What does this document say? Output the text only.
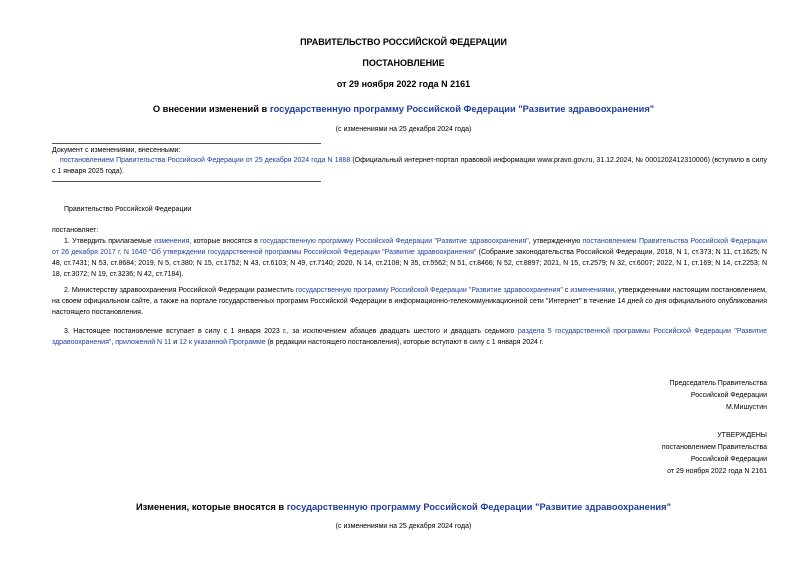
ПРАВИТЕЛЬСТВО РОССИЙСКОЙ ФЕДЕРАЦИИ
ПОСТАНОВЛЕНИЕ
от 29 ноября 2022 года N 2161
О внесении изменений в государственную программу Российской Федерации "Развитие здравоохранения"
(с изменениями на 25 декабря 2024 года)
Документ с изменениями, внесенными:
постановлением Правительства Российской Федерации от 25 декабря 2024 года N 1888 (Официальный интернет-портал правовой информации www.pravo.gov.ru, 31.12.2024, № 0001202412310006) (вступило в силу с 1 января 2025 года).
Правительство Российской Федерации
постановляет:
1. Утвердить прилагаемые изменения, которые вносятся в государственную программу Российской Федерации "Развитие здравоохранения", утвержденную постановлением Правительства Российской Федерации от 26 декабря 2017 г. N 1640 "Об утверждении государственной программы Российской Федерации "Развитие здравоохранения" (Собрание законодательства Российской Федерации, 2018, N 1, ст.373; N 11, ст.1625; N 48, ст.7431; N 53, ст.8684; 2019, N 5, ст.380; N 15, ст.1752; N 43, ст.6103; N 49, ст.7140; 2020, N 14, ст.2108; N 35, ст.5562; N 51, ст.8466; N 52, ст.8897; 2021, N 15, ст.2579; N 32, ст.6007; 2022, N 1, ст.169; N 14, ст.2253; N 18, ст.3072; N 19, ст.3236; N 42, ст.7184).
2. Министерству здравоохранения Российской Федерации разместить государственную программу Российской Федерации "Развитие здравоохранения" с изменениями, утвержденными настоящим постановлением, на своем официальном сайте, а также на портале государственных программ Российской Федерации в информационно-телекоммуникационной сети "Интернет" в течение 14 дней со дня официального опубликования настоящего постановления.
3. Настоящее постановление вступает в силу с 1 января 2023 г., за исключением абзацев двадцать шестого и двадцать седьмого раздела 5 государственной программы Российской Федерации "Развитие здравоохранения", приложений N 11 и 12 к указанной Программе (в редакции настоящего постановления), которые вступают в силу с 1 января 2024 г.
Председатель Правительства
Российской Федерации
М.Мишустин
УТВЕРЖДЕНЫ
постановлением Правительства
Российской Федерации
от 29 ноября 2022 года N 2161
Изменения, которые вносятся в государственную программу Российской Федерации "Развитие здравоохранения"
(с изменениями на 25 декабря 2024 года)
